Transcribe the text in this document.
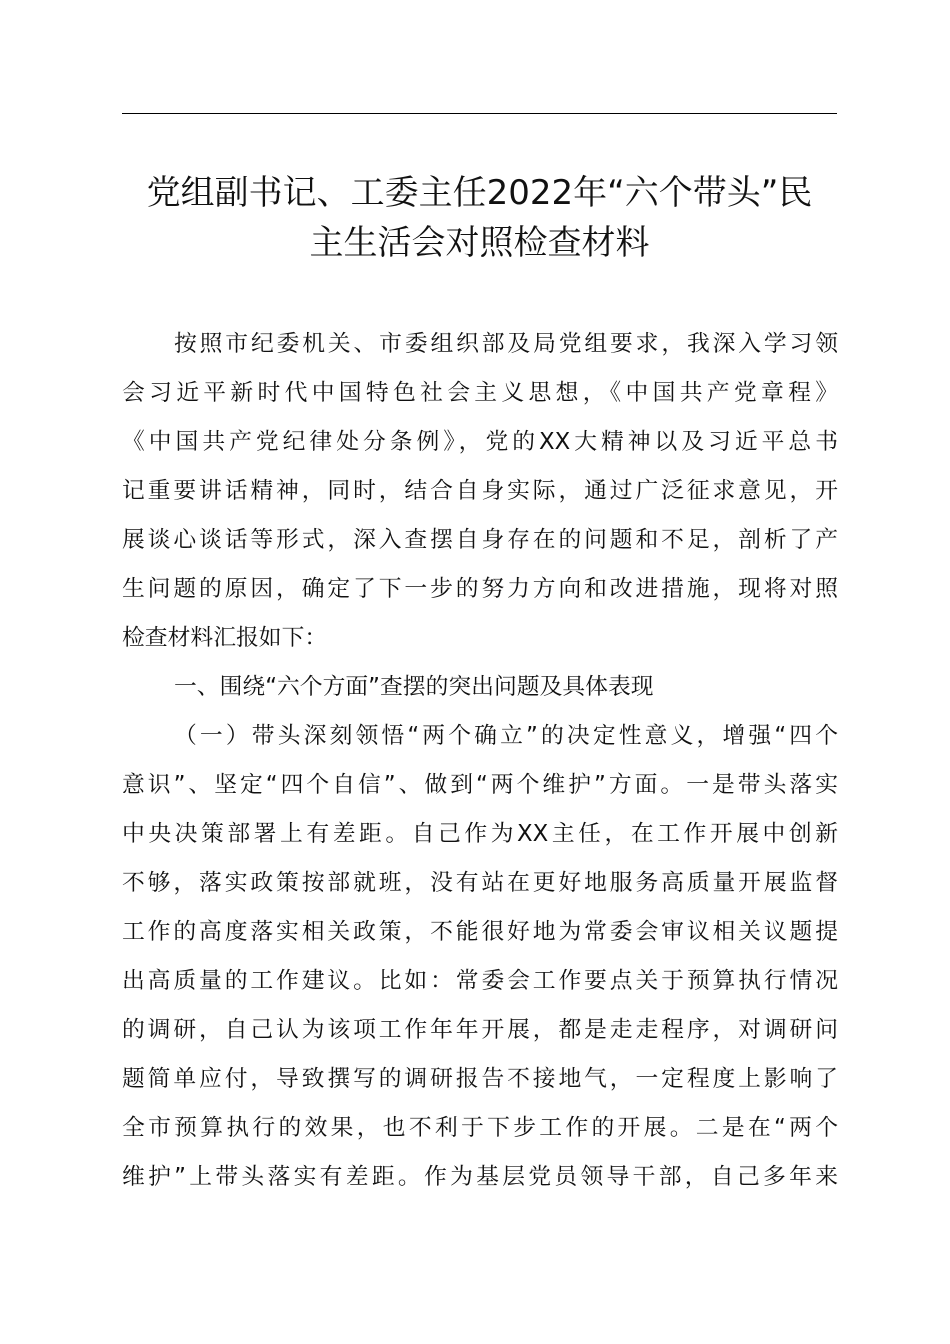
党组副书记、工委主任2022年“六个带头”民
主生活会对照检查材料
按照市纪委机关、市委组织部及局党组要求，我深入学习领
会习近平新时代中国特色社会主义思想，《中国共产党章程》
《中国共产党纪律处分条例》，党的XX大精神以及习近平总书
记重要讲话精神，同时，结合自身实际，通过广泛征求意见，开
展谈心谈话等形式，深入查摆自身存在的问题和不足，剖析了产
生问题的原因，确定了下一步的努力方向和改进措施，现将对照
检查材料汇报如下：
一、围绕“六个方面”查摆的突出问题及具体表现
（一）带头深刻领悟“两个确立”的决定性意义，增强“四个
意识”、坚定“四个自信”、做到“两个维护”方面。一是带头落实
中央决策部署上有差距。自己作为XX主任，在工作开展中创新
不够，落实政策按部就班，没有站在更好地服务高质量开展监督
工作的高度落实相关政策，不能很好地为常委会审议相关议题提
出高质量的工作建议。比如：常委会工作要点关于预算执行情况
的调研，自己认为该项工作年年开展，都是走走程序，对调研问
题简单应付，导致撰写的调研报告不接地气，一定程度上影响了
全市预算执行的效果，也不利于下步工作的开展。二是在“两个
维护”上带头落实有差距。作为基层党员领导干部，自己多年来
